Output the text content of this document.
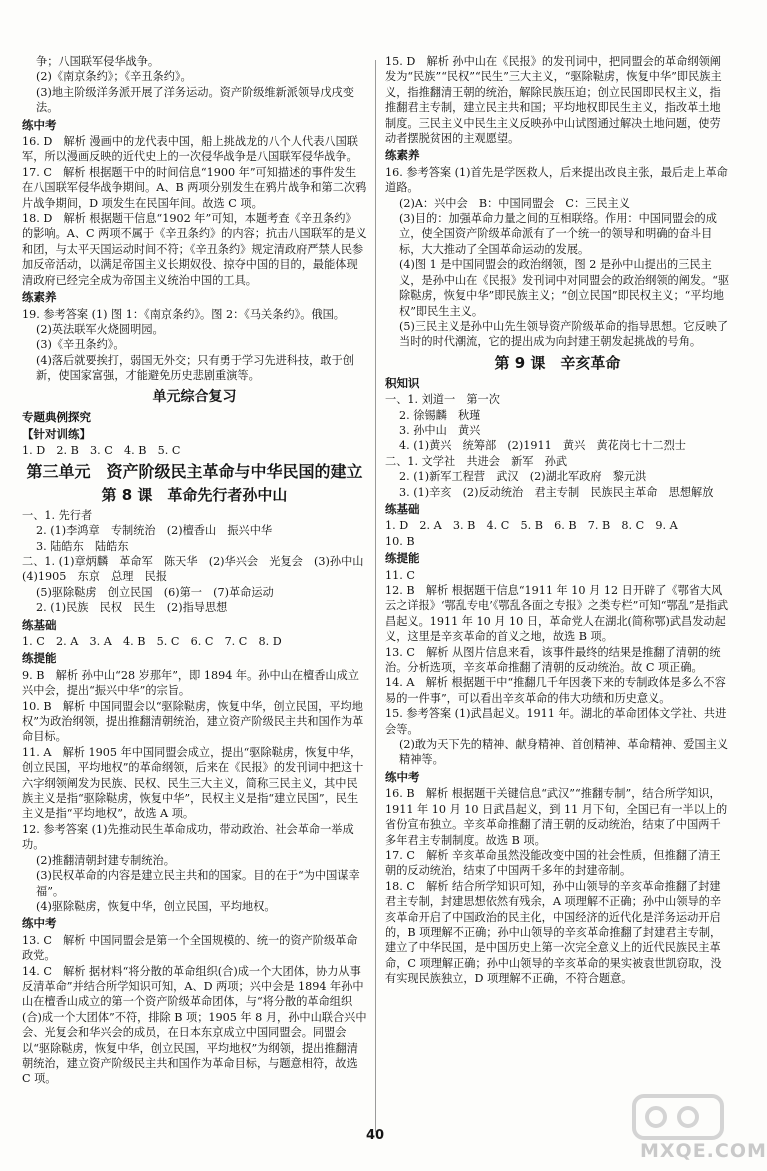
争；八国联军侵华战争。
(2)《南京条约》；《辛丑条约》。
(3)地主阶级洋务派开展了洋务运动。资产阶级维新派领导戊戌变法。
练中考
16. D　解析 漫画中的龙代表中国，船上挑战龙的八个人代表八国联军，所以漫画反映的近代史上的一次侵华战争是八国联军侵华战争。
17. C　解析 根据题干中的时间信息“1900 年”可知描述的事件发生在八国联军侵华战争期间。A、B 两项分别发生在鸦片战争和第二次鸦片战争期间，D 项发生在民国年间。故选 C 项。
18. D　解析 根据题干信息“1902 年”可知，本题考查《辛丑条约》的影响。A、C 两项不属于《辛丑条约》的内容；抗击八国联军的是义和团，与太平天国运动时间不符；《辛丑条约》规定清政府严禁人民参加反帝活动，以满足帝国主义长期奴役、掠夺中国的目的，最能体现清政府已经完全成为帝国主义统治中国的工具。
练素养
19. 参考答案 (1) 图 1：《南京条约》。图 2：《马关条约》。俄国。
(2)英法联军火烧圆明园。
(3)《辛丑条约》。
(4)落后就要挨打，弱国无外交；只有勇于学习先进科技，敢于创新，使国家富强，才能避免历史悲剧重演等。
单元综合复习
专题典例探究
【针对训练】
1. D　2. B　3. C　4. B　5. C
第三单元　资产阶级民主革命与中华民国的建立
第 8 课　革命先行者孙中山
一、1. 先行者
2. (1)李鸿章　专制统治　(2)檀香山　振兴中华
3. 陆皓东　陆皓东
二、1. (1)章炳麟　革命军　陈天华　(2)华兴会　光复会　(3)孙中山　(4)1905　东京　总理　民报
(5)驱除鞑虏　创立民国　(6)第一　(7)革命运动
2. (1)民族　民权　民生　(2)指导思想
练基础
1. C　2. A　3. A　4. B　5. C　6. C　7. C　8. D
练提能
9. B　解析 孙中山“28 岁那年”，即 1894 年。孙中山在檀香山成立兴中会，提出“振兴中华”的宗旨。
10. B　解析 中国同盟会以“驱除鞑虏，恢复中华，创立民国，平均地权”为政治纲领，提出推翻清朝统治，建立资产阶级民主共和国作为革命目标。
11. A　解析 1905 年中国同盟会成立，提出“驱除鞑虏，恢复中华，创立民国，平均地权”的革命纲领，后来在《民报》的发刊词中把这十六字纲领阐发为民族、民权、民生三大主义，简称三民主义，其中民族主义是指“驱除鞑虏，恢复中华”，民权主义是指“建立民国”，民生主义是指“平均地权”，故选 A 项。
12. 参考答案 (1)先推动民生革命成功，带动政治、社会革命一举成功。
(2)推翻清朝封建专制统治。
(3)民权革命的内容是建立民主共和的国家。目的在于“为中国谋幸福”。
(4)驱除鞑虏，恢复中华，创立民国，平均地权。
练中考
13. C　解析 中国同盟会是第一个全国规模的、统一的资产阶级革命政党。
14. C　解析 据材料“将分散的革命组织(合)成一个大团体，协力从事反清革命”并结合所学知识可知，A、D 两项；兴中会是 1894 年孙中山在檀香山成立的第一个资产阶级革命团体，与“将分散的革命组织(合)成一个大团体”不符，排除 B 项；1905 年 8 月，孙中山联合兴中会、光复会和华兴会的成员，在日本东京成立中国同盟会。同盟会以“驱除鞑虏，恢复中华，创立民国，平均地权”为纲领，提出推翻清朝统治，建立资产阶级民主共和国作为革命目标，与题意相符，故选 C 项。
15. D　解析 孙中山在《民报》的发刊词中，把同盟会的革命纲领阐发为“民族”“民权”“民生”三大主义，“驱除鞑虏，恢复中华”即民族主义，指推翻清王朝的统治，解除民族压迫；创立民国即民权主义，指推翻君主专制，建立民主共和国；平均地权即民生主义，指改革土地制度。三民主义中民生主义反映孙中山试图通过解决土地问题，使劳动者摆脱贫困的主观愿望。
练素养
16. 参考答案 (1)首先是学医救人，后来提出改良主张，最后走上革命道路。
(2)A：兴中会　B：中国同盟会　C：三民主义
(3)目的：加强革命力量之间的互相联络。作用：中国同盟会的成立，使全国资产阶级革命派有了一个统一的领导和明确的奋斗目标，大大推动了全国革命运动的发展。
(4)图 1 是中国同盟会的政治纲领，图 2 是孙中山提出的三民主义，是孙中山在《民报》发刊词中对同盟会的政治纲领的阐发。“驱除鞑虏，恢复中华”即民族主义；“创立民国”即民权主义；“平均地权”即民生主义。
(5)三民主义是孙中山先生领导资产阶级革命的指导思想。它反映了当时的时代潮流，它的提出成为向封建王朝发起挑战的号角。
第 9 课　辛亥革命
积知识
一、1. 刘道一　第一次
2. 徐锡麟　秋瑾
3. 孙中山　黄兴
4. (1)黄兴　统筹部　(2)1911　黄兴　黄花岗七十二烈士
二、1. 文学社　共进会　新军　孙武
2. (1)新军工程营　武汉　(2)湖北军政府　黎元洪
3. (1)辛亥　(2)反动统治　君主专制　民族民主革命　思想解放
练基础
1. D　2. A　3. B　4. C　5. B　6. B　7. B　8. C　9. A
10. B
练提能
11. C
12. B　解析 根据题干信息“1911 年 10 月 12 日开辟了《鄂省大风云之详报》‘鄂乱专电’《鄂乱各面之专报》之类专栏”可知“鄂乱”是指武昌起义。1911 年 10 月 10 日，革命党人在湖北(简称鄂)武昌发动起义，这里是辛亥革命的首义之地，故选 B 项。
13. C　解析 从图片信息来看，该事件最终的结果是推翻了清朝的统治。分析选项，辛亥革命推翻了清朝的反动统治。故 C 项正确。
14. A　解析 根据题干中“推翻几千年因袭下来的专制政体是多么不容易的一件事”，可以看出辛亥革命的伟大功绩和历史意义。
15. 参考答案 (1)武昌起义。1911 年。湖北的革命团体文学社、共进会等。
(2)敢为天下先的精神、献身精神、首创精神、革命精神、爱国主义精神等。
练中考
16. B　解析 根据题干关键信息“武汉”“推翻专制”，结合所学知识，1911 年 10 月 10 日武昌起义，到 11 月下旬，全国已有一半以上的省份宣布独立。辛亥革命推翻了清王朝的反动统治，结束了中国两千多年君主专制制度。故选 B 项。
17. C　解析 辛亥革命虽然没能改变中国的社会性质，但推翻了清王朝的反动统治，结束了中国两千多年的封建帝制。
18. C　解析 结合所学知识可知，孙中山领导的辛亥革命推翻了封建君主专制，封建思想依然有残余，A 项理解不正确；孙中山领导的辛亥革命开启了中国政治的民主化，中国经济的近代化是洋务运动开启的，B 项理解不正确；孙中山领导的辛亥革命推翻了封建君主专制，建立了中华民国，是中国历史上第一次完全意义上的近代民族民主革命，C 项理解正确；孙中山领导的辛亥革命的果实被袁世凯窃取，没有实现民族独立，D 项理解不正确，不符合题意。
40
MXQE.COM
